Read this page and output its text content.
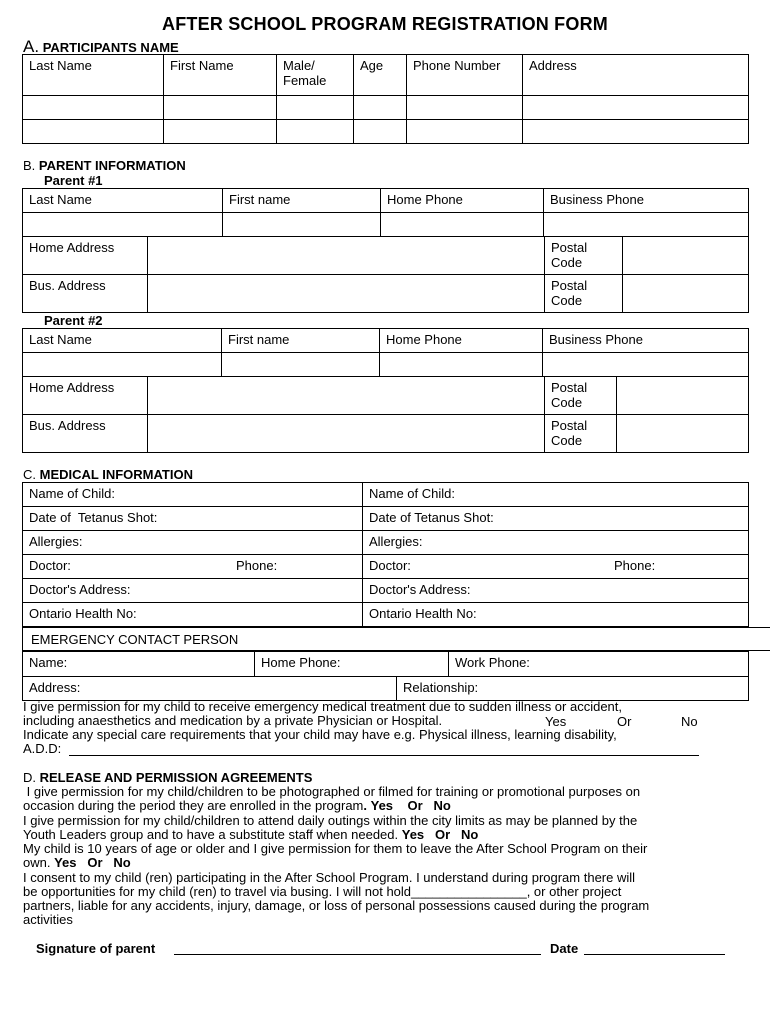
AFTER SCHOOL PROGRAM REGISTRATION FORM
A. PARTICIPANTS NAME
Last Name	First Name	Male/ Female	Age	Phone Number	Address

B. PARENT INFORMATION
Parent #1
Last Name	First name	Home Phone	Business Phone

Home Address		Postal Code	
Bus. Address		Postal Code	
Parent #2
Last Name	First name	Home Phone	Business Phone

Home Address		Postal Code	
Bus. Address		Postal Code	
C. MEDICAL INFORMATION
Name of Child:	Name of Child:
Date of  Tetanus Shot:	Date of Tetanus Shot:
Allergies:	Allergies:
Doctor: Phone:	Doctor: Phone:

Doctor's Address:	Doctor's Address:
Ontario Health No:	Ontario Health No:
EMERGENCY CONTACT PERSON
Name:	Home Phone:	Work Phone:
Address:	Relationship:
I give permission for my child to receive emergency medical treatment due to sudden illness or accident,
including anaesthetics and medication by a private Physician or Hospital.	Yes	Or	No
Indicate any special care requirements that your child may have e.g. Physical illness, learning disability,
A.D.D:
D. RELEASE AND PERMISSION AGREEMENTS
I give permission for my child/children to be photographed or filmed for training or promotional purposes on
occasion during the period they are enrolled in the program. Yes    Or   No
I give permission for my child/children to attend daily outings within the city limits as may be planned by the
Youth Leaders group and to have a substitute staff when needed. Yes   Or   No
My child is 10 years of age or older and I give permission for them to leave the After School Program on their
own. Yes   Or   No
I consent to my child (ren) participating in the After School Program. I understand during program there will
be opportunities for my child (ren) to travel via busing. I will not hold________________, or other project
partners, liable for any accidents, injury, damage, or loss of personal possessions caused during the program
activities
Signature of parent	Date
